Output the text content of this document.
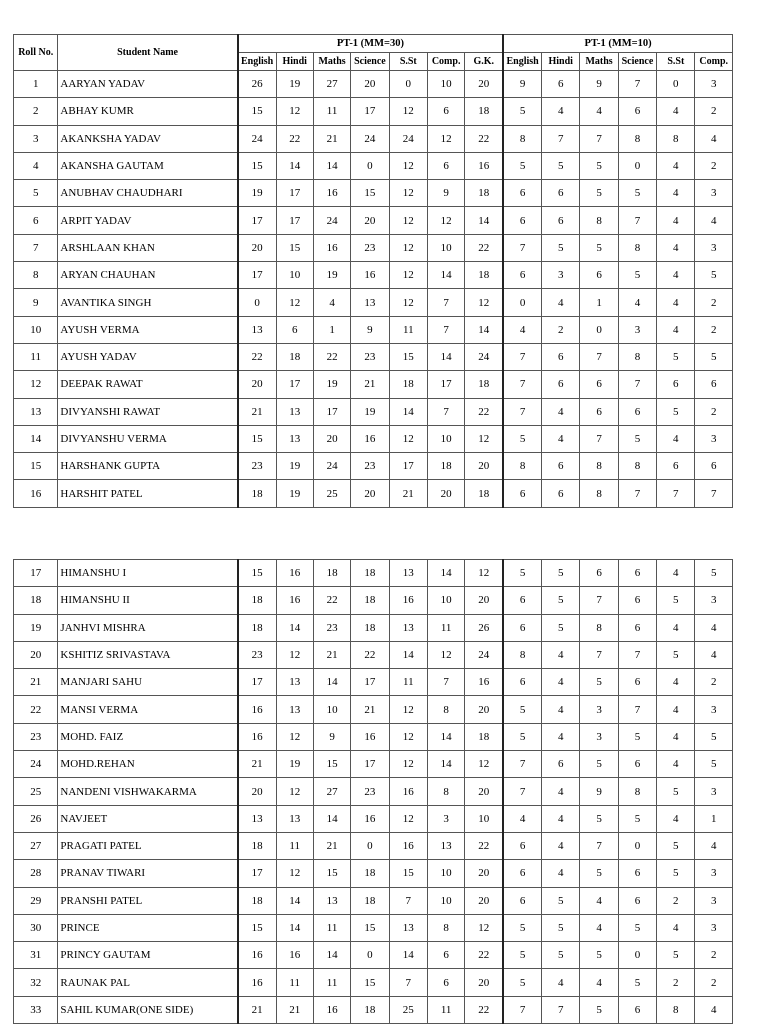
Roll No.	Student Name	PT-1 (MM=30)							PT-1 (MM=10)					
		English	Hindi	Maths	Science	S.St	Comp.	G.K.	English	Hindi	Maths	Science	S.St	Comp.
1	AARYAN YADAV	26	19	27	20	0	10	20	9	6	9	7	0	3
2	ABHAY KUMR	15	12	11	17	12	6	18	5	4	4	6	4	2
3	AKANKSHA YADAV	24	22	21	24	24	12	22	8	7	7	8	8	4
4	AKANSHA GAUTAM	15	14	14	0	12	6	16	5	5	5	0	4	2
5	ANUBHAV CHAUDHARI	19	17	16	15	12	9	18	6	6	5	5	4	3
6	ARPIT YADAV	17	17	24	20	12	12	14	6	6	8	7	4	4
7	ARSHLAAN KHAN	20	15	16	23	12	10	22	7	5	5	8	4	3
8	ARYAN CHAUHAN	17	10	19	16	12	14	18	6	3	6	5	4	5
9	AVANTIKA SINGH	0	12	4	13	12	7	12	0	4	1	4	4	2
10	AYUSH VERMA	13	6	1	9	11	7	14	4	2	0	3	4	2
11	AYUSH YADAV	22	18	22	23	15	14	24	7	6	7	8	5	5
12	DEEPAK RAWAT	20	17	19	21	18	17	18	7	6	6	7	6	6
13	DIVYANSHI RAWAT	21	13	17	19	14	7	22	7	4	6	6	5	2
14	DIVYANSHU VERMA	15	13	20	16	12	10	12	5	4	7	5	4	3
15	HARSHANK GUPTA	23	19	24	23	17	18	20	8	6	8	8	6	6
16	HARSHIT PATEL	18	19	25	20	21	20	18	6	6	8	7	7	7
17	HIMANSHU I	15	16	18	18	13	14	12	5	5	6	6	4	5
18	HIMANSHU II	18	16	22	18	16	10	20	6	5	7	6	5	3
19	JANHVI MISHRA	18	14	23	18	13	11	26	6	5	8	6	4	4
20	KSHITIZ SRIVASTAVA	23	12	21	22	14	12	24	8	4	7	7	5	4
21	MANJARI SAHU	17	13	14	17	11	7	16	6	4	5	6	4	2
22	MANSI VERMA	16	13	10	21	12	8	20	5	4	3	7	4	3
23	MOHD. FAIZ	16	12	9	16	12	14	18	5	4	3	5	4	5
24	MOHD.REHAN	21	19	15	17	12	14	12	7	6	5	6	4	5
25	NANDENI VISHWAKARMA	20	12	27	23	16	8	20	7	4	9	8	5	3
26	NAVJEET	13	13	14	16	12	3	10	4	4	5	5	4	1
27	PRAGATI PATEL	18	11	21	0	16	13	22	6	4	7	0	5	4
28	PRANAV TIWARI	17	12	15	18	15	10	20	6	4	5	6	5	3
29	PRANSHI PATEL	18	14	13	18	7	10	20	6	5	4	6	2	3
30	PRINCE	15	14	11	15	13	8	12	5	5	4	5	4	3
31	PRINCY GAUTAM	16	16	14	0	14	6	22	5	5	5	0	5	2
32	RAUNAK PAL	16	11	11	15	7	6	20	5	4	4	5	2	2
33	SAHIL KUMAR(ONE SIDE)	21	21	16	18	25	11	22	7	7	5	6	8	4
